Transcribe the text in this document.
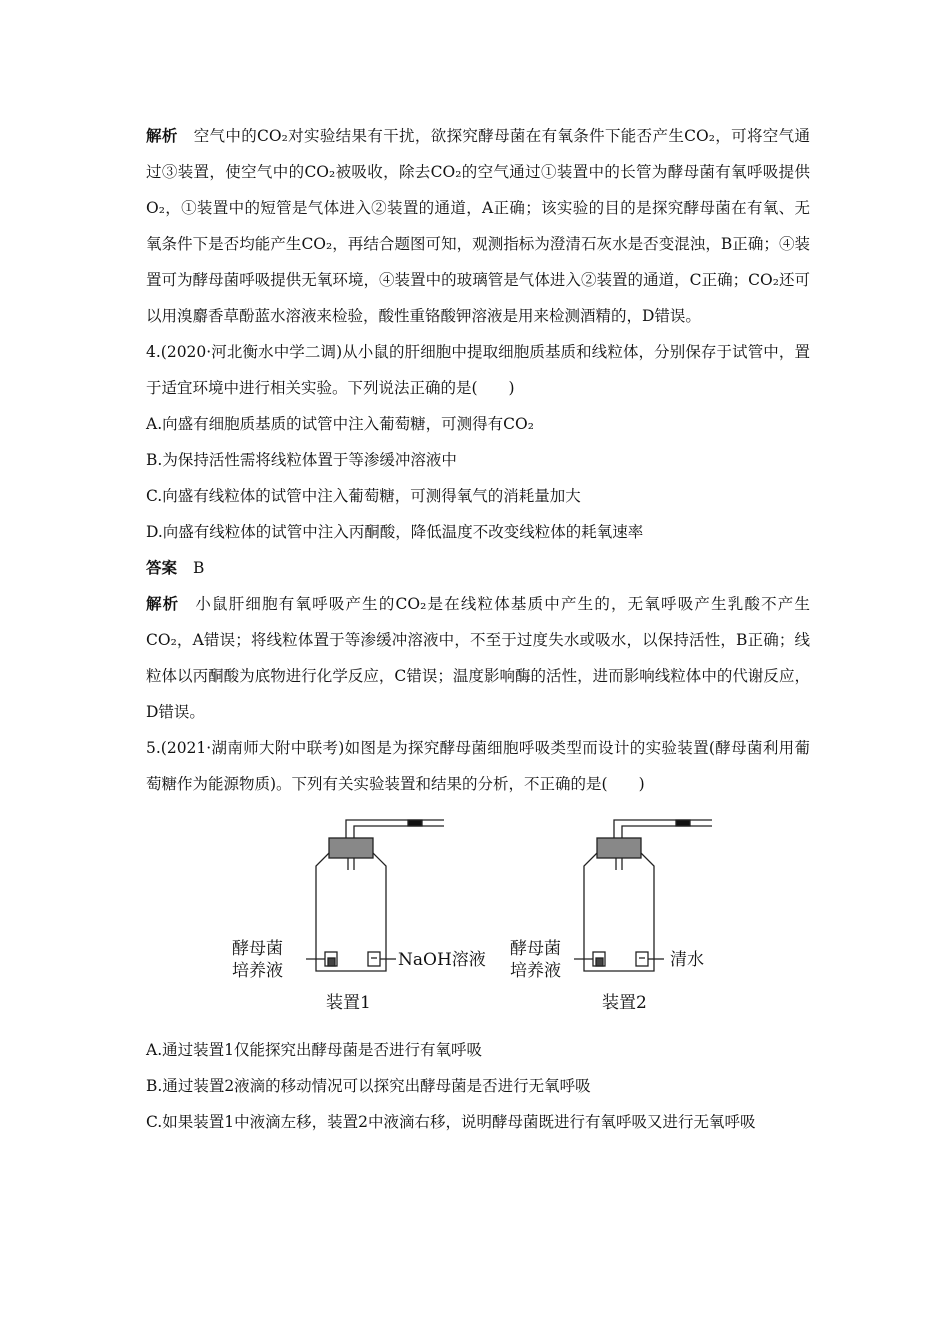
解析 空气中的CO₂对实验结果有干扰，欲探究酵母菌在有氧条件下能否产生CO₂，可将空气通过③装置，使空气中的CO₂被吸收，除去CO₂的空气通过①装置中的长管为酵母菌有氧呼吸提供O₂，①装置中的短管是气体进入②装置的通道，A正确；该实验的目的是探究酵母菌在有氧、无氧条件下是否均能产生CO₂，再结合题图可知，观测指标为澄清石灰水是否变混浊，B正确；④装置可为酵母菌呼吸提供无氧环境，④装置中的玻璃管是气体进入②装置的通道，C正确；CO₂还可以用溴麝香草酚蓝水溶液来检验，酸性重铬酸钾溶液是用来检测酒精的，D错误。

4.(2020·河北衡水中学二调)从小鼠的肝细胞中提取细胞质基质和线粒体，分别保存于试管中，置于适宜环境中进行相关实验。下列说法正确的是(　　)

A.向盛有细胞质基质的试管中注入葡萄糖，可测得有CO₂

B.为保持活性需将线粒体置于等渗缓冲溶液中

C.向盛有线粒体的试管中注入葡萄糖，可测得氧气的消耗量加大

D.向盛有线粒体的试管中注入丙酮酸，降低温度不改变线粒体的耗氧速率

答案 B

解析 小鼠肝细胞有氧呼吸产生的CO₂是在线粒体基质中产生的，无氧呼吸产生乳酸不产生CO₂，A错误；将线粒体置于等渗缓冲溶液中，不至于过度失水或吸水，以保持活性，B正确；线粒体以丙酮酸为底物进行化学反应，C错误；温度影响酶的活性，进而影响线粒体中的代谢反应，D错误。

5.(2021·湖南师大附中联考)如图是为探究酵母菌细胞呼吸类型而设计的实验装置(酵母菌利用葡萄糖作为能源物质)。下列有关实验装置和结果的分析，不正确的是(　　)

酵母菌
培养液
NaOH溶液
装置1
酵母菌
培养液
清水
装置2

A.通过装置1仅能探究出酵母菌是否进行有氧呼吸

B.通过装置2液滴的移动情况可以探究出酵母菌是否进行无氧呼吸

C.如果装置1中液滴左移，装置2中液滴右移，说明酵母菌既进行有氧呼吸又进行无氧呼吸
